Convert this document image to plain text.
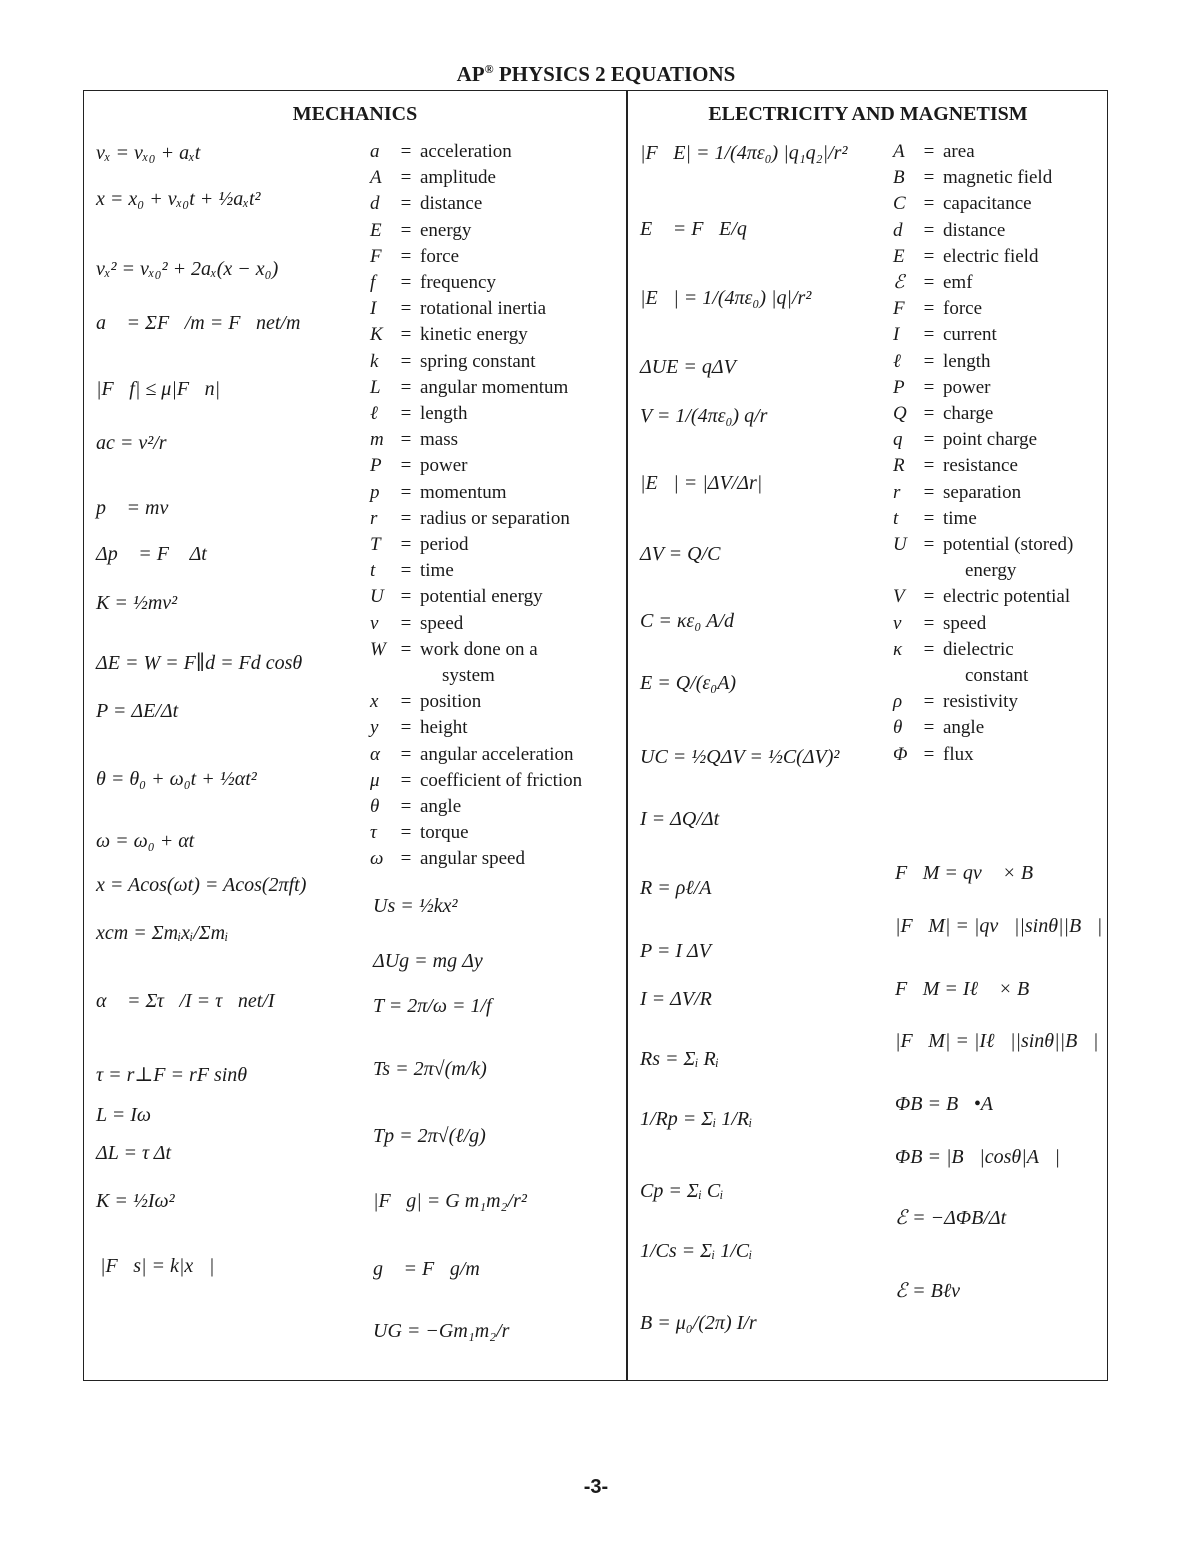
AP® PHYSICS 2 EQUATIONS
MECHANICS	ELECTRICITY AND MAGNETISM
vₓ = vₓ₀ + aₓt
x = x₀ + vₓ₀t + ½aₓt²
vₓ² = vₓ₀² + 2aₓ(x − x₀)
a⃗ = ΣF⃗/m = F⃗net/m
|F⃗f| ≤ μ|F⃗n|
ac = v²/r
p⃗ = mv⃗
Δp⃗ = F⃗ Δt
K = ½mv²
ΔE = W = F∥d = Fd cosθ
P = ΔE/Δt
θ = θ₀ + ω₀t + ½αt²
ω = ω₀ + αt
x = Acos(ωt) = Acos(2πft)
xcm = Σmᵢxᵢ/Σmᵢ
α⃗ = Στ⃗/I = τ⃗net/I
τ = r⊥F = rF sinθ
L = Iω
ΔL = τ Δt
K = ½Iω²
|F⃗s| = k|x⃗|
Us = ½kx²
ΔUg = mg Δy
T = 2π/ω = 1/f
Ts = 2π√(m/k)
Tp = 2π√(ℓ/g)
|F⃗g| = G m₁m₂/r²
g⃗ = F⃗g/m
UG = −Gm₁m₂/r
a	= acceleration
A	= amplitude
d	= distance
E	= energy
F	= force
f	= frequency
I	= rotational inertia
K = kinetic energy
k	= spring constant
L	= angular momentum
ℓ	= length
m = mass
P	= power
p	= momentum
r	= radius or separation
T	= period
t	= time
U = potential energy
v	= speed
W = work done on a
system
x	= position
y	= height
α	= angular acceleration
μ	= coefficient of friction
θ	= angle
τ	= torque
ω = angular speed
|F⃗E| = 1/(4πε₀) |q₁q₂|/r²
E⃗ = F⃗E/q
|E⃗| = 1/(4πε₀) |q|/r²
ΔUE = qΔV
V = 1/(4πε₀) q/r
|E⃗| = |ΔV/Δr|
ΔV = Q/C
C = κε₀ A/d
E = Q/(ε₀A)
UC = ½QΔV = ½C(ΔV)²
I = ΔQ/Δt
R = ρℓ/A
P = I ΔV
I = ΔV/R
Rs = Σᵢ Rᵢ
1/Rp = Σᵢ 1/Rᵢ
Cp = Σᵢ Cᵢ
1/Cs = Σᵢ 1/Cᵢ
B = μ₀/(2π) I/r
F⃗M = qv⃗ × B⃗
|F⃗M| = |qv⃗||sinθ||B⃗|
F⃗M = Iℓ⃗ × B⃗
|F⃗M| = |Iℓ⃗||sinθ||B⃗|
ΦB = B⃗•A⃗
ΦB = |B⃗|cosθ|A⃗|
ℰ = −ΔΦB/Δt
ℰ = Bℓv
A	= area
B	= magnetic field
C = capacitance
d	= distance
E	= electric field
ℰ	= emf
F	= force
I	= current
ℓ	= length
P	= power
Q = charge
q	= point charge
R	= resistance
r	= separation
t	= time
U = potential (stored)
energy
V	= electric potential
v	= speed
κ	= dielectric
constant
ρ	= resistivity
θ	= angle
Φ = flux
-3-
